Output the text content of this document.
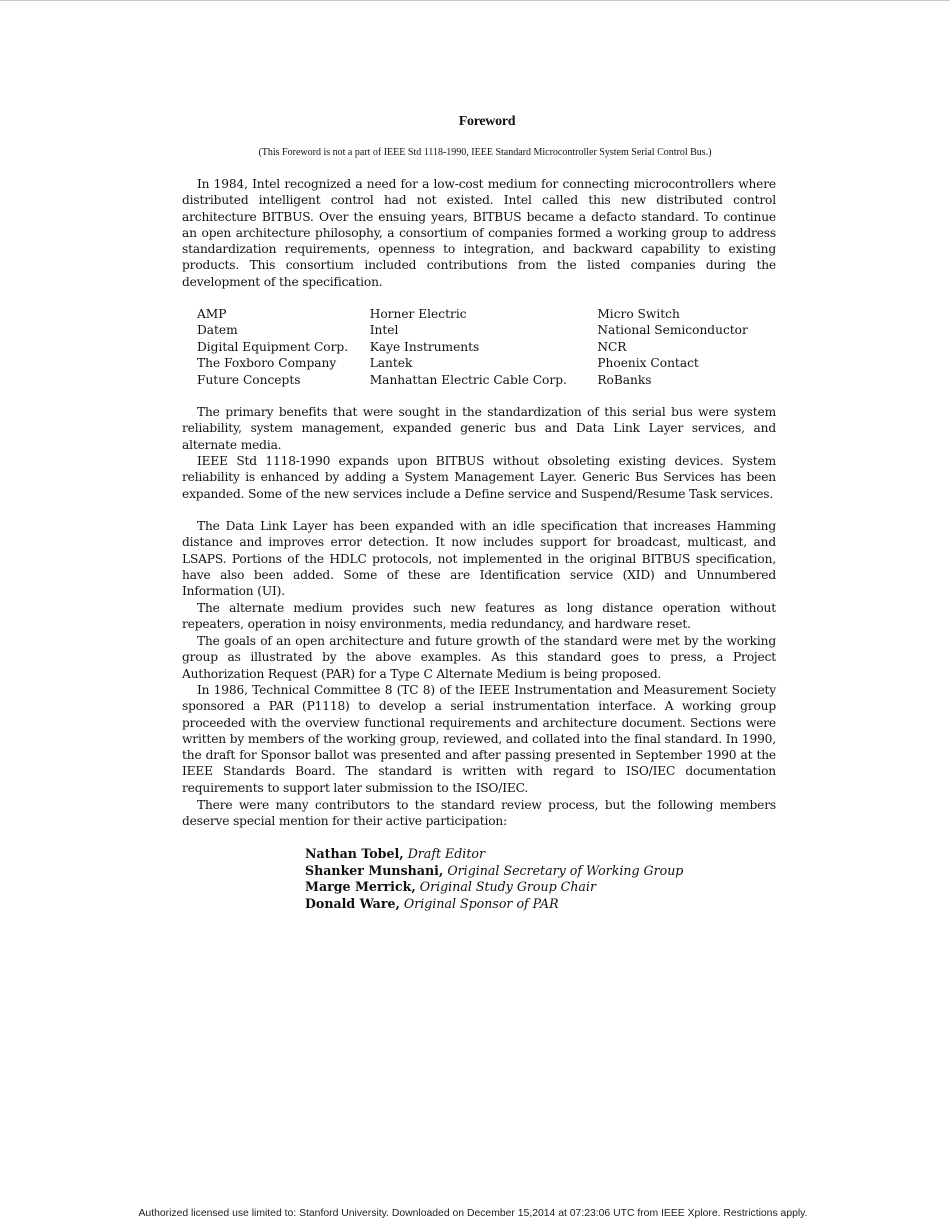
Foreword
(This Foreword is not a part of IEEE Std 1118-1990, IEEE Standard Microcontroller System Serial Control Bus.)
In 1984, Intel recognized a need for a low-cost medium for connecting microcontrollers where distributed intelligent control had not existed. Intel called this new distributed control architecture BITBUS. Over the ensuing years, BITBUS became a defacto standard. To continue an open architecture philosophy, a consortium of companies formed a working group to address standardization requirements, openness to integration, and backward capability to existing products. This consortium included contributions from the listed companies during the development of the specification.
AMP	Horner Electric	Micro Switch
Datem	Intel	National Semiconductor
Digital Equipment Corp.	Kaye Instruments	NCR
The Foxboro Company	Lantek	Phoenix Contact
Future Concepts	Manhattan Electric Cable Corp.	RoBanks
The primary benefits that were sought in the standardization of this serial bus were system reliability, system management, expanded generic bus and Data Link Layer services, and alternate media.
IEEE Std 1118-1990 expands upon BITBUS without obsoleting existing devices. System reliability is enhanced by adding a System Management Layer. Generic Bus Services has been expanded. Some of the new services include a Define service and Suspend/Resume Task services.
The Data Link Layer has been expanded with an idle specification that increases Hamming distance and improves error detection. It now includes support for broadcast, multicast, and LSAPS. Portions of the HDLC protocols, not implemented in the original BITBUS specification, have also been added. Some of these are Identification service (XID) and Unnumbered Information (UI).
The alternate medium provides such new features as long distance operation without repeaters, operation in noisy environments, media redundancy, and hardware reset.
The goals of an open architecture and future growth of the standard were met by the working group as illustrated by the above examples. As this standard goes to press, a Project Authorization Request (PAR) for a Type C Alternate Medium is being proposed.
In 1986, Technical Committee 8 (TC 8) of the IEEE Instrumentation and Measurement Society sponsored a PAR (P1118) to develop a serial instrumentation interface. A working group proceeded with the overview functional requirements and architecture document. Sections were written by members of the working group, reviewed, and collated into the final standard. In 1990, the draft for Sponsor ballot was presented and after passing presented in September 1990 at the IEEE Standards Board. The standard is written with regard to ISO/IEC documentation requirements to support later submission to the ISO/IEC.
There were many contributors to the standard review process, but the following members deserve special mention for their active participation:
Nathan Tobel, Draft Editor
Shanker Munshani, Original Secretary of Working Group
Marge Merrick, Original Study Group Chair
Donald Ware, Original Sponsor of PAR
Authorized licensed use limited to: Stanford University. Downloaded on December 15,2014 at 07:23:06 UTC from IEEE Xplore. Restrictions apply.
